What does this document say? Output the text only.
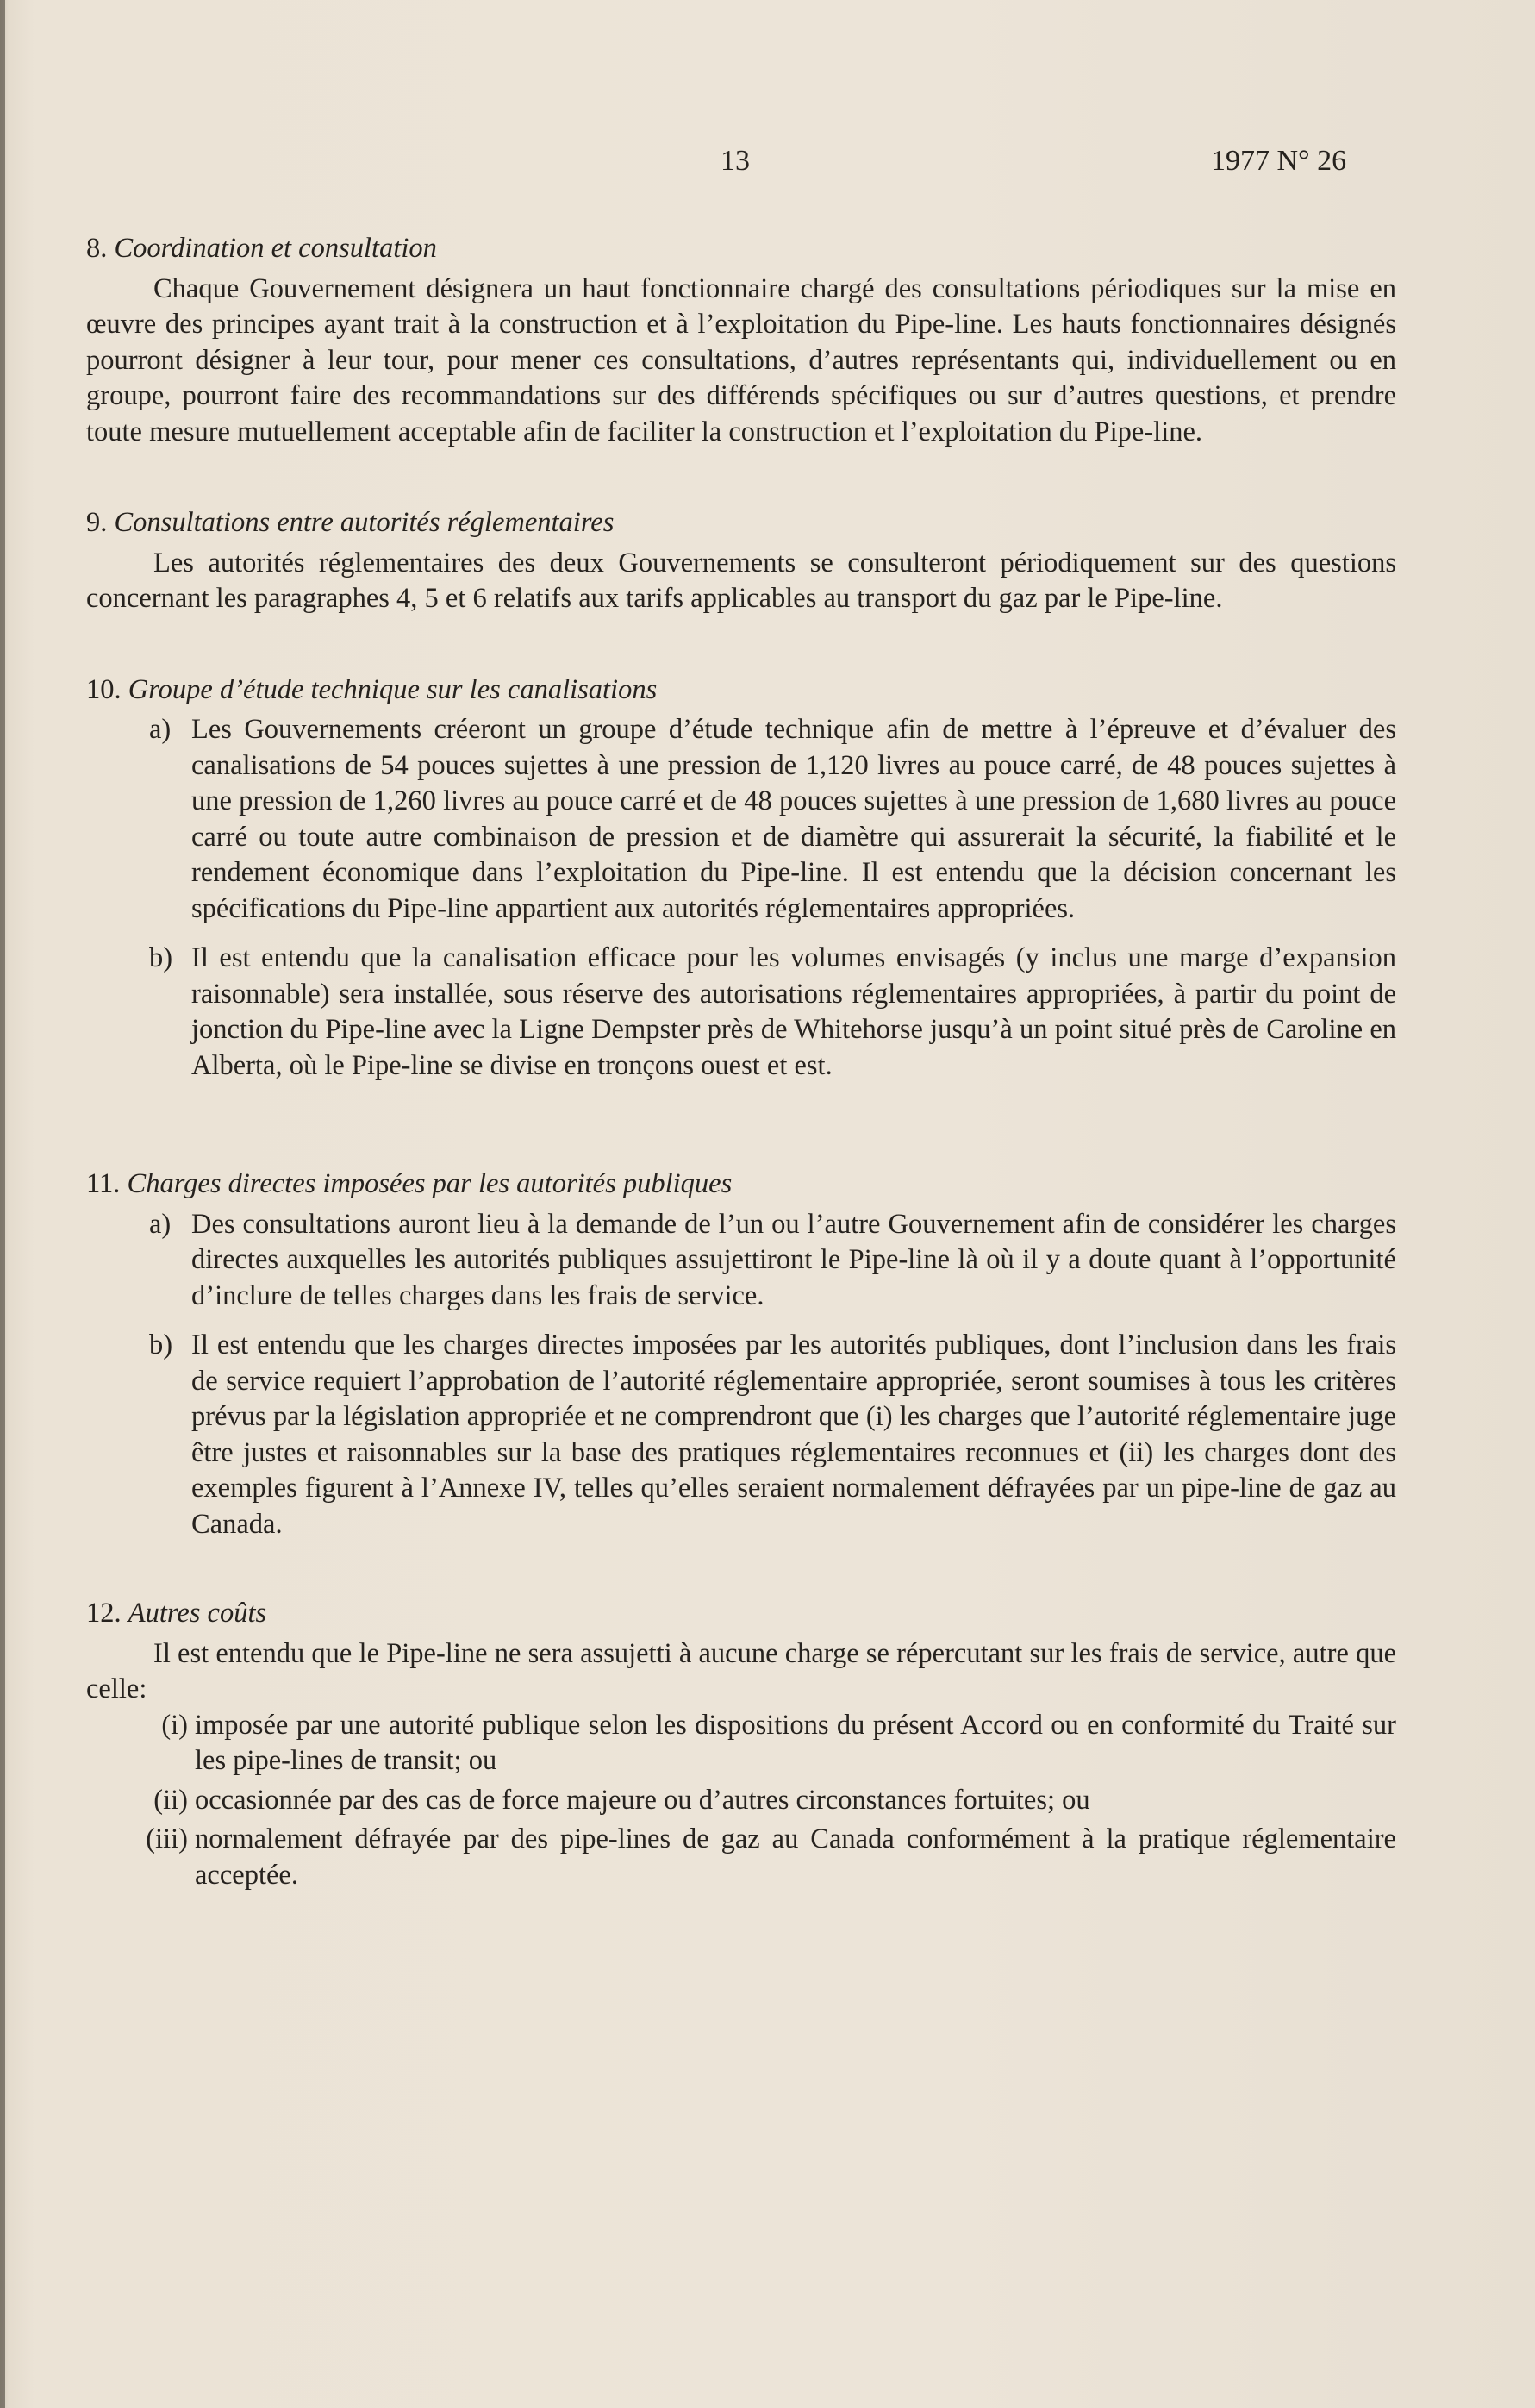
13	1977 N° 26
8. Coordination et consultation

Chaque Gouvernement désignera un haut fonctionnaire chargé des consultations périodiques sur la mise en œuvre des principes ayant trait à la construction et à l’exploitation du Pipe-line. Les hauts fonctionnaires désignés pourront désigner à leur tour, pour mener ces consultations, d’autres représentants qui, individuellement ou en groupe, pourront faire des recommandations sur des différends spécifiques ou sur d’autres questions, et prendre toute mesure mutuellement acceptable afin de faciliter la construction et l’exploitation du Pipe-line.

9. Consultations entre autorités réglementaires

Les autorités réglementaires des deux Gouvernements se consulteront périodiquement sur des questions concernant les paragraphes 4, 5 et 6 relatifs aux tarifs applicables au transport du gaz par le Pipe-line.

10. Groupe d’étude technique sur les canalisations
a) Les Gouvernements créeront un groupe d’étude technique afin de mettre à l’épreuve et d’évaluer des canalisations de 54 pouces sujettes à une pression de 1,120 livres au pouce carré, de 48 pouces sujettes à une pression de 1,260 livres au pouce carré et de 48 pouces sujettes à une pression de 1,680 livres au pouce carré ou toute autre combinaison de pression et de diamètre qui assurerait la sécurité, la fiabilité et le rendement économique dans l’exploitation du Pipe-line. Il est entendu que la décision concernant les spécifications du Pipe-line appartient aux autorités réglementaires appropriées.
b) Il est entendu que la canalisation efficace pour les volumes envisagés (y inclus une marge d’expansion raisonnable) sera installée, sous réserve des autorisations réglementaires appropriées, à partir du point de jonction du Pipe-line avec la Ligne Dempster près de Whitehorse jusqu’à un point situé près de Caroline en Alberta, où le Pipe-line se divise en tronçons ouest et est.
11. Charges directes imposées par les autorités publiques
a) Des consultations auront lieu à la demande de l’un ou l’autre Gouvernement afin de considérer les charges directes auxquelles les autorités publiques assujettiront le Pipe-line là où il y a doute quant à l’opportunité d’inclure de telles charges dans les frais de service.
b) Il est entendu que les charges directes imposées par les autorités publiques, dont l’inclusion dans les frais de service requiert l’approbation de l’autorité réglementaire appropriée, seront soumises à tous les critères prévus par la législation appropriée et ne comprendront que (i) les charges que l’autorité réglementaire juge être justes et raisonnables sur la base des pratiques réglementaires reconnues et (ii) les charges dont des exemples figurent à l’Annexe IV, telles qu’elles seraient normalement défrayées par un pipe-line de gaz au Canada.
12. Autres coûts

Il est entendu que le Pipe-line ne sera assujetti à aucune charge se répercutant sur les frais de service, autre que celle:

(i) imposée par une autorité publique selon les dispositions du présent Accord ou en conformité du Traité sur les pipe-lines de transit; ou
(ii) occasionnée par des cas de force majeure ou d’autres circonstances fortuites; ou
(iii) normalement défrayée par des pipe-lines de gaz au Canada conformément à la pratique réglementaire acceptée.
